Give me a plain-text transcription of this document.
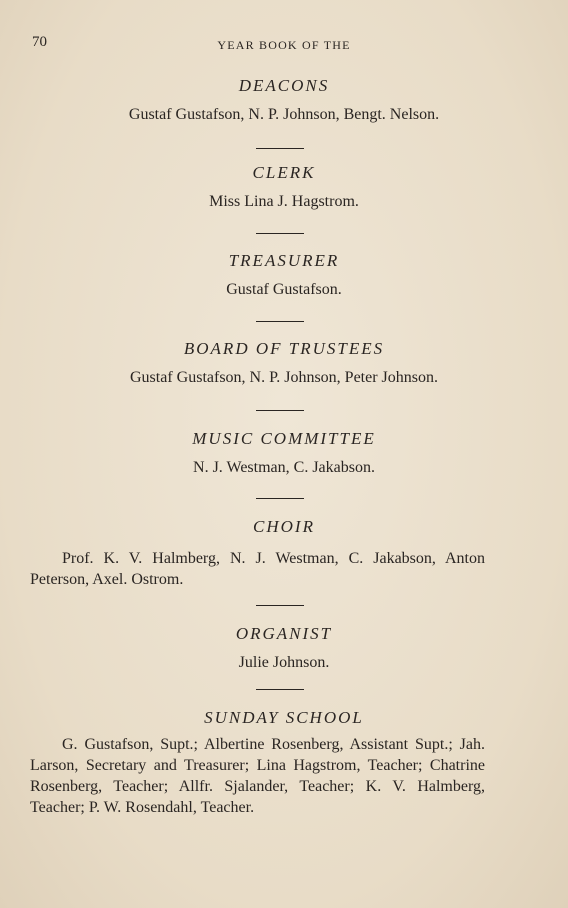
70	YEAR BOOK OF THE
DEACONS
Gustaf Gustafson, N. P. Johnson, Bengt. Nelson.
CLERK
Miss Lina J. Hagstrom.
TREASURER
Gustaf Gustafson.
BOARD OF TRUSTEES
Gustaf Gustafson, N. P. Johnson, Peter Johnson.
MUSIC COMMITTEE
N. J. Westman, C. Jakabson.
CHOIR
Prof. K. V. Halmberg, N. J. Westman, C. Jakabson, Anton Peterson, Axel. Ostrom.
ORGANIST
Julie Johnson.
SUNDAY SCHOOL
G. Gustafson, Supt.; Albertine Rosenberg, Assistant Supt.; Jah. Larson, Secretary and Treasurer; Lina Hagstrom, Teacher; Chatrine Rosenberg, Teacher; Allfr. Sjalander, Teacher; K. V. Halmberg, Teacher; P. W. Rosendahl, Teacher.
